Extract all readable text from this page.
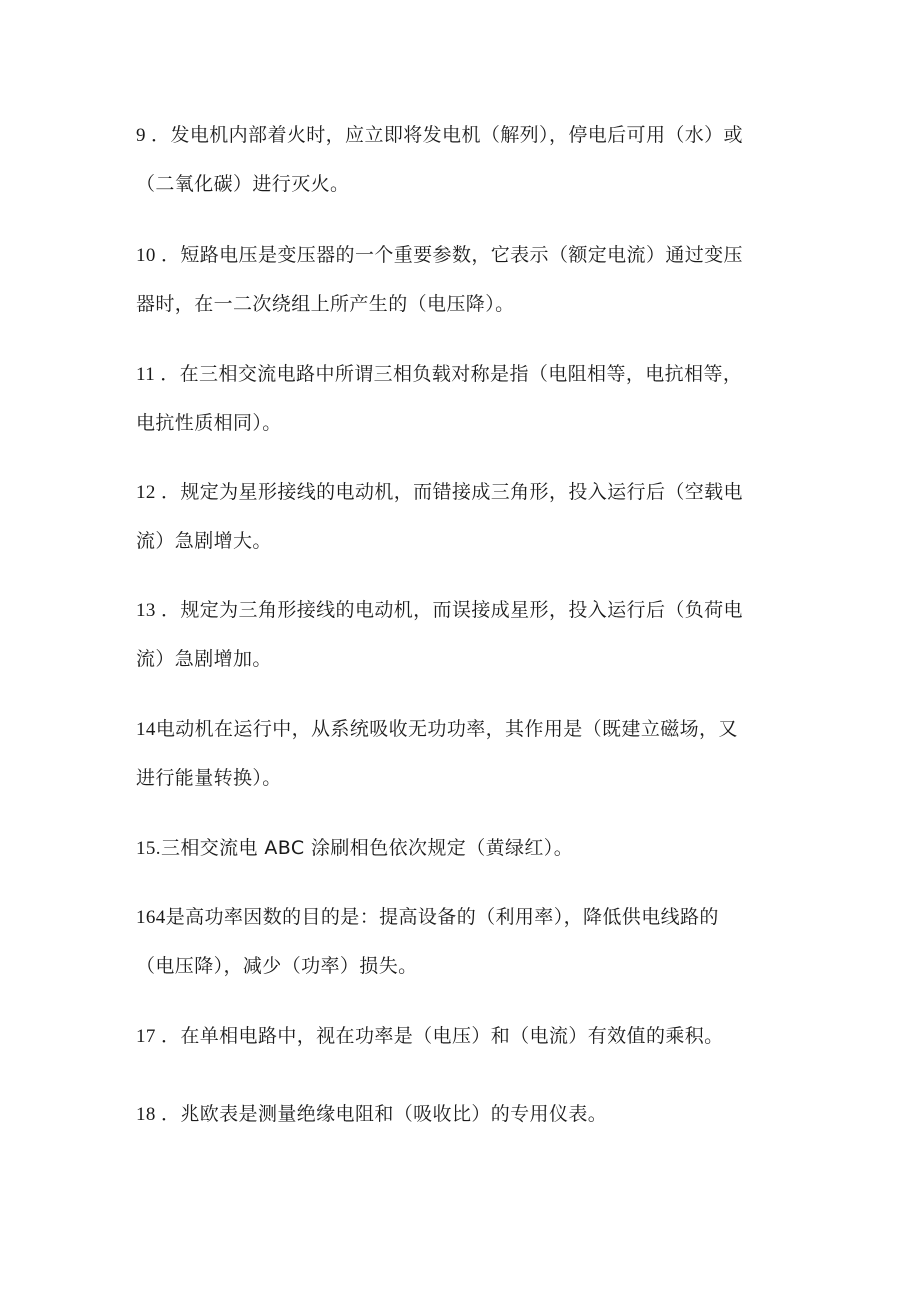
9 ．发电机内部着火时，应立即将发电机（解列），停电后可用（水）或
（二氧化碳）进行灭火。
10 ．短路电压是变压器的一个重要参数，它表示（额定电流）通过变压
器时，在一二次绕组上所产生的（电压降）。
11 ．在三相交流电路中所谓三相负载对称是指（电阻相等，电抗相等，
电抗性质相同）。
12 ．规定为星形接线的电动机，而错接成三角形，投入运行后（空载电
流）急剧增大。
13 ．规定为三角形接线的电动机，而误接成星形，投入运行后（负荷电
流）急剧增加。
14电动机在运行中，从系统吸收无功功率，其作用是（既建立磁场，又
进行能量转换）。
15.三相交流电 ABC 涂刷相色依次规定（黄绿红）。
164是高功率因数的目的是：提高设备的（利用率），降低供电线路的
（电压降），减少（功率）损失。
17 ．在单相电路中，视在功率是（电压）和（电流）有效值的乘积。
18 ．兆欧表是测量绝缘电阻和（吸收比）的专用仪表。
